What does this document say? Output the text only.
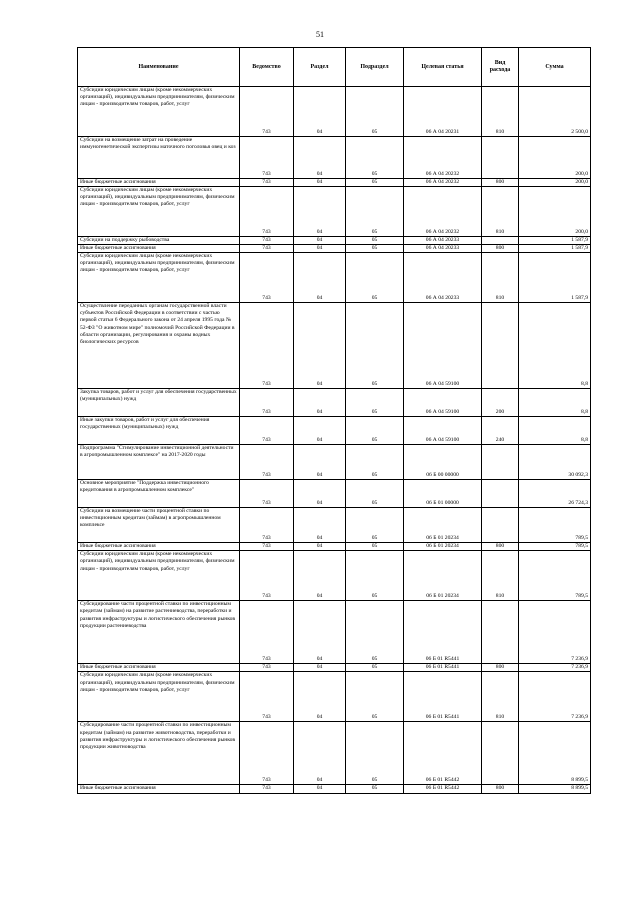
51
Наименование	Ведомство	Раздел	Подраздел	Целевая статья	Вид расхода	Сумма
Субсидии юридическим лицам (кроме некоммерческих организаций), индивидуальным предпринимателям, физическим лицам - производителям товаров, работ, услуг	743	04	05	06 А 04 20231	810	2 500,0
Субсидии на возмещение затрат на проведение иммуногенетической экспертизы маточного поголовья овец и коз	743	04	05	06 А 04 20232		200,0
Иные бюджетные ассигнования	743	04	05	06 А 04 20232	800	200,0
Субсидии юридическим лицам (кроме некоммерческих организаций), индивидуальным предпринимателям, физическим лицам - производителям товаров, работ, услуг	743	04	05	06 А 04 20232	810	200,0
Субсидии на поддержку рыбоводства	743	04	05	06 А 04 20233		1 587,9
Иные бюджетные ассигнования	743	04	05	06 А 04 20233	800	1 587,9
Субсидии юридическим лицам (кроме некоммерческих организаций), индивидуальным предпринимателям, физическим лицам - производителям товаров, работ, услуг	743	04	05	06 А 04 20233	810	1 587,9
Осуществление переданных органам государственной власти субъектов Российской Федерации в соответствии с частью первой статьи 6 Федерального закона от 24 апреля 1995 года № 52-ФЗ "О животном мире" полномочий Российской Федерации в области организации, регулирования и охраны водных биологических ресурсов	743	04	05	06 А 04 59100		8,8
Закупка товаров, работ и услуг для обеспечения государственных (муниципальных) нужд	743	04	05	06 А 04 59100	200	8,8
Иные закупки товаров, работ и услуг для обеспечения государственных (муниципальных) нужд	743	04	05	06 А 04 59100	240	8,8
Подпрограмма "Стимулирование инвестиционной деятельности в агропромышленном комплексе" на 2017-2020 годы	743	04	05	06 Б 00 00000		30 092,3
Основное мероприятие "Поддержка инвестиционного кредитования в агропромышленном комплексе"	743	04	05	06 Б 01 00000		26 724,3
Субсидии на возмещение части процентной ставки по инвестиционным кредитам (займам) в агропромышленном комплексе	743	04	05	06 Б 01 20234		789,5
Иные бюджетные ассигнования	743	04	05	06 Б 01 20234	800	789,5
Субсидии юридическим лицам (кроме некоммерческих организаций), индивидуальным предпринимателям, физическим лицам - производителям товаров, работ, услуг	743	04	05	06 Б 01 20234	810	789,5
Субсидирование части процентной ставки по инвестиционным кредитам (займам) на развитие растениеводства, переработки и развития инфраструктуры и логистического обеспечения рынков продукции растениеводства	743	04	05	06 Б 01 R5441		7 236,9
Иные бюджетные ассигнования	743	04	05	06 Б 01 R5441	800	7 236,9
Субсидии юридическим лицам (кроме некоммерческих организаций), индивидуальным предпринимателям, физическим лицам - производителям товаров, работ, услуг	743	04	05	06 Б 01 R5441	810	7 236,9
Субсидирование части процентной ставки по инвестиционным кредитам (займам) на развитие животноводства, переработки и развития инфраструктуры и логистического обеспечения рынков продукции животноводства	743	04	05	06 Б 01 R5442		8 899,5
Иные бюджетные ассигнования	743	04	05	06 Б 01 R5442	800	8 899,5
